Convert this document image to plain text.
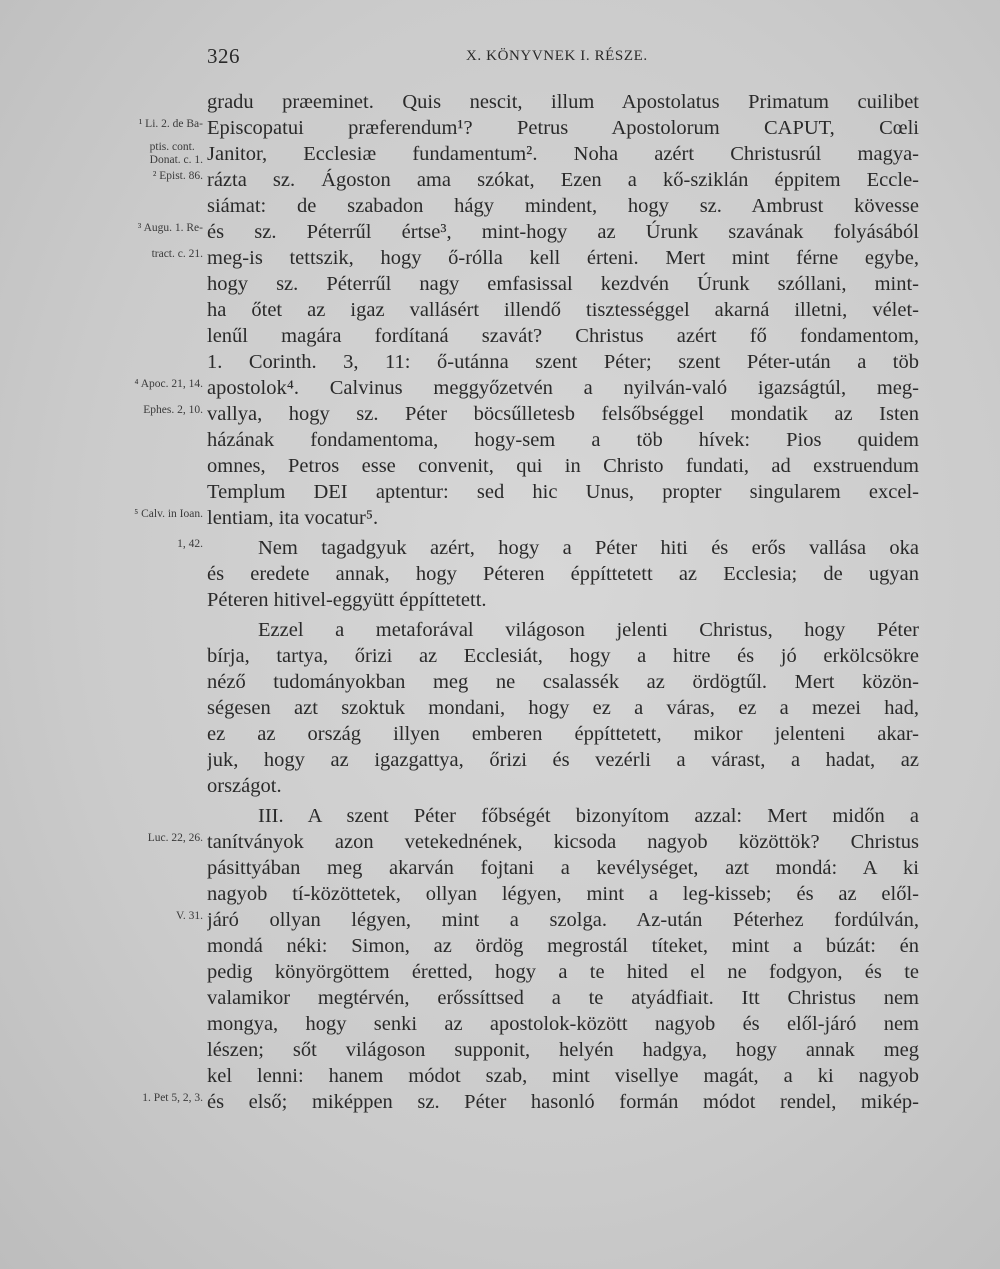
326	X. KÖNYVNEK I. RÉSZE.
gradu præeminet. Quis nescit, illum Apostolatus Primatum cuilibet
¹ Li. 2. de Ba- Episcopatui præferendum¹? Petrus Apostolorum CAPUT, Cœli
ptis. cont.
Donat. c. 1. Janitor, Ecclesiæ fundamentum². Noha azért Christusrúl magya-
² Epist. 86. rázta sz. Ágoston ama szókat, Ezen a kő-sziklán éppitem Eccle-
siámat: de szabadon hágy mindent, hogy sz. Ambrust kövesse
³ Augu. 1. Re- és sz. Péterrűl értse³, mint-hogy az Úrunk szavának folyásából
tract. c. 21. meg-is tettszik, hogy ő-rólla kell érteni. Mert mint férne egybe,
hogy sz. Péterrűl nagy emfasissal kezdvén Úrunk szóllani, mint-
ha őtet az igaz vallásért illendő tisztességgel akarná illetni, vélet-
lenűl magára fordítaná szavát? Christus azért fő fondamentom,
1. Corinth. 3, 11: ő-utánna szent Péter; szent Péter-után a töb
⁴ Apoc. 21, 14. apostolok⁴. Calvinus meggyőzetvén a nyilván-való igazságtúl, meg-
Ephes. 2, 10. vallya, hogy sz. Péter böcsűlletesb felsőbséggel mondatik az Isten
házának fondamentoma, hogy-sem a töb hívek: Pios quidem
omnes, Petros esse convenit, qui in Christo fundati, ad exstruendum
Templum DEI aptentur: sed hic Unus, propter singularem excel-
⁵ Calv. in Ioan. lentiam, ita vocatur⁵.
1, 42.	Nem tagadgyuk azért, hogy a Péter hiti és erős vallása oka
és eredete annak, hogy Péteren éppíttetett az Ecclesia; de ugyan
Péteren hitivel-eggyütt éppíttetett.
Ezzel a metaforával világoson jelenti Christus, hogy Péter
bírja, tartya, őrizi az Ecclesiát, hogy a hitre és jó erkölcsökre
néző tudományokban meg ne csalassék az ördögtűl. Mert közön-
ségesen azt szoktuk mondani, hogy ez a váras, ez a mezei had,
ez az ország illyen emberen éppíttetett, mikor jelenteni akar-
juk, hogy az igazgattya, őrizi és vezérli a várast, a hadat, az
országot.
III. A szent Péter főbségét bizonyítom azzal: Mert midőn a
Luc. 22, 26. tanítványok azon vetekednének, kicsoda nagyob közöttök? Christus
pásittyában meg akarván fojtani a kevélységet, azt mondá: A ki
nagyob tí-közöttetek, ollyan légyen, mint a leg-kisseb; és az elől-
V. 31. járó ollyan légyen, mint a szolga. Az-után Péterhez fordúlván,
mondá néki: Simon, az ördög megrostál títeket, mint a búzát: én
pedig könyörgöttem éretted, hogy a te hited el ne fodgyon, és te
valamikor megtérvén, erőssíttsed a te atyádfiait. Itt Christus nem
mongya, hogy senki az apostolok-között nagyob és elől-járó nem
lészen; sőt világoson supponit, helyén hadgya, hogy annak meg
kel lenni: hanem módot szab, mint visellye magát, a ki nagyob
1. Pet 5, 2, 3. és első; miképpen sz. Péter hasonló formán módot rendel, mikép-
